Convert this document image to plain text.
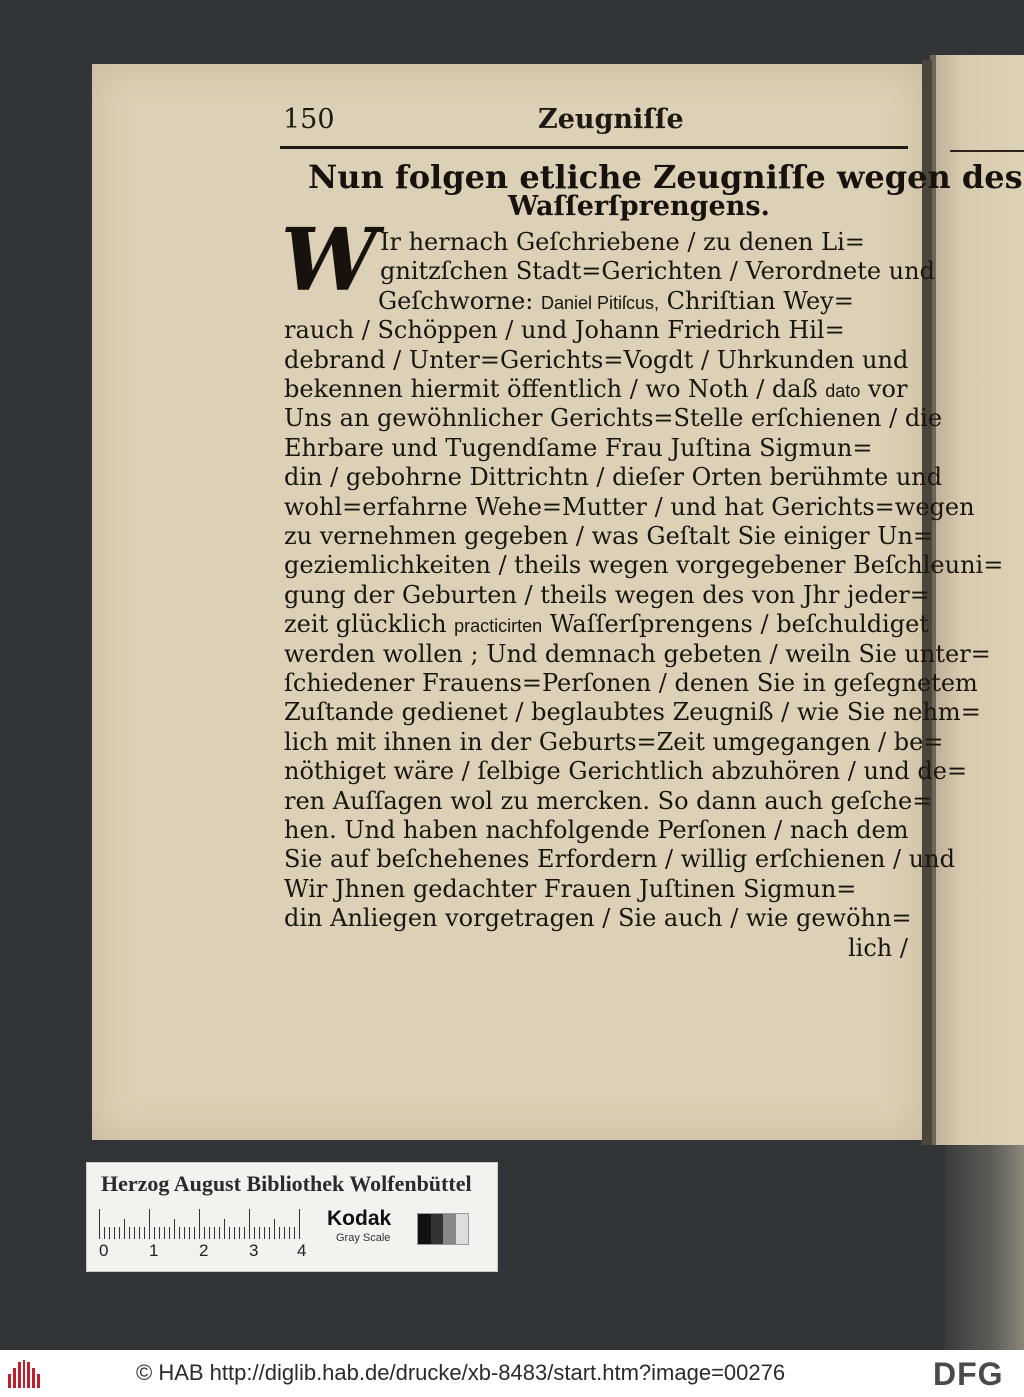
150	Zeugniſſe
Nun folgen etliche Zeugniſſe wegen des
Waſſerſprengens.
W Ir hernach Geſchriebene / zu denen Li=
gnitzſchen Stadt=Gerichten / Verordnete und
Geſchworne: Daniel Pitiſcus, Chriſtian Wey=
rauch / Schöppen / und Johann Friedrich Hil=
debrand / Unter=Gerichts=Vogdt / Uhrkunden und
bekennen hiermit öffentlich / wo Noth / daß dato vor
Uns an gewöhnlicher Gerichts=Stelle erſchienen / die
Ehrbare und Tugendſame Frau Juſtina Sigmun=
din / gebohrne Dittrichtn / dieſer Orten berühmte und
wohl=erfahrne Wehe=Mutter / und hat Gerichts=wegen
zu vernehmen gegeben / was Geſtalt Sie einiger Un=
geziemlichkeiten / theils wegen vorgegebener Beſchleuni=
gung der Geburten / theils wegen des von Jhr jeder=
zeit glücklich practicirten Waſſerſprengens / beſchuldiget
werden wollen ; Und demnach gebeten / weiln Sie unter=
ſchiedener Frauens=Perſonen / denen Sie in geſegnetem
Zuſtande gedienet / beglaubtes Zeugniß / wie Sie nehm=
lich mit ihnen in der Geburts=Zeit umgegangen / be=
nöthiget wäre / ſelbige Gerichtlich abzuhören / und de=
ren Auſſagen wol zu mercken. So dann auch geſche=
hen. Und haben nachfolgende Perſonen / nach dem
Sie auf beſchehenes Erfordern / willig erſchienen / und
Wir Jhnen gedachter Frauen Juſtinen Sigmun=
din Anliegen vorgetragen / Sie auch / wie gewöhn=
lich /
Herzog August Bibliothek Wolfenbüttel
0 1 2 3 4
Kodak
Gray Scale
© HAB http://diglib.hab.de/drucke/xb-8483/start.htm?image=00276	DFG
